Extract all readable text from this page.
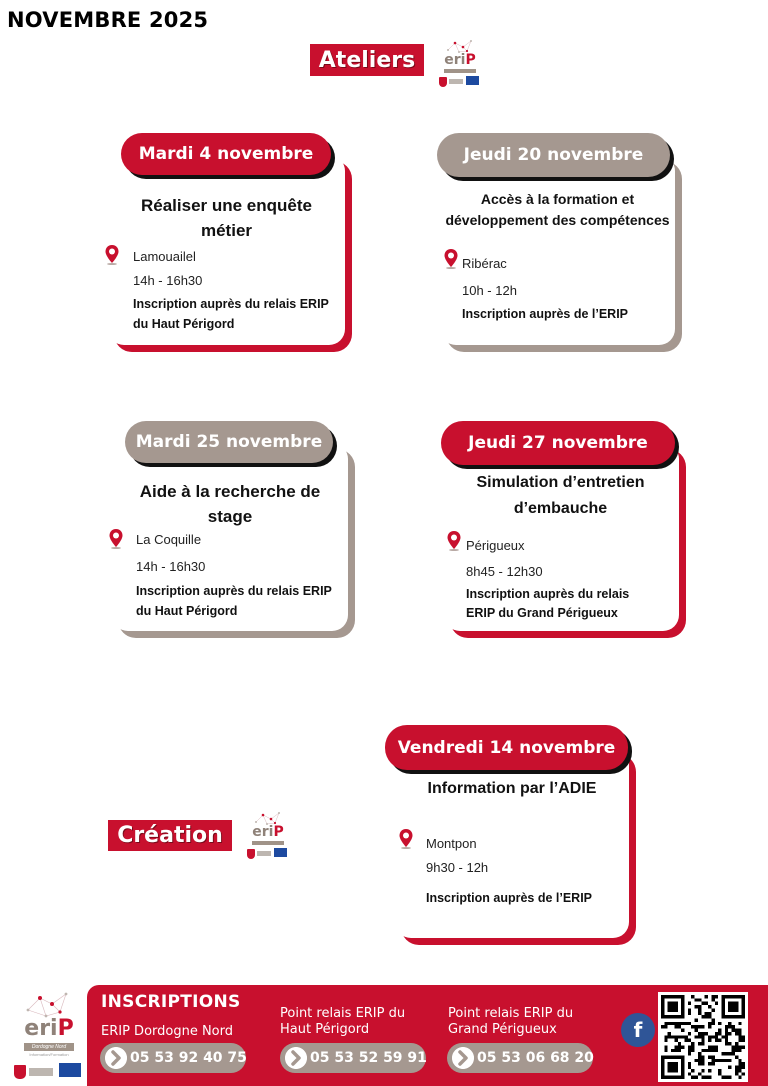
NOVEMBRE 2025
Ateliers	eriP
Mardi 4 novembre
Réaliser une enquête
métier
Lamouailel
14h - 16h30
Inscription auprès du relais ERIP
du Haut Périgord
Jeudi 20 novembre
Accès à la formation et
développement des compétences
Ribérac
10h - 12h
Inscription auprès de l’ERIP
Mardi 25 novembre
Aide à la recherche de
stage
La Coquille
14h - 16h30
Inscription auprès du relais ERIP
du Haut Périgord
Jeudi 27 novembre
Simulation d’entretien
d’embauche
Périgueux
8h45 - 12h30
Inscription auprès du relais
ERIP du Grand Périgueux
Création	eriP
Vendredi 14 novembre
Information par l’ADIE
Montpon
9h30 - 12h
Inscription auprès de l’ERIP
eriP
Dordogne Nord
Information/Formation
INSCRIPTIONS
ERIP Dordogne Nord
05 53 92 40 75
Point relais ERIP du
Haut Périgord
05 53 52 59 91
Point relais ERIP du
Grand Périgueux
05 53 06 68 20
f
